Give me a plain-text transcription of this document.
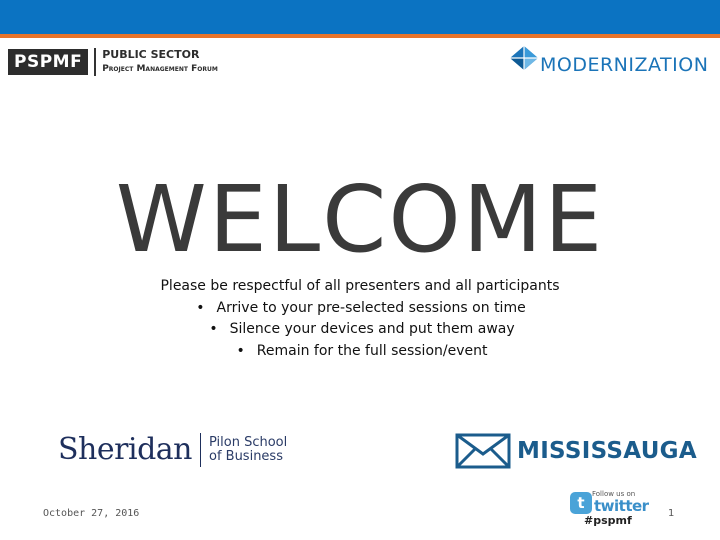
PSPMF	PUBLIC SECTOR
Project Management Forum	MODERNIZATION
WELCOME
Please be respectful of all presenters and all participants
• Arrive to your pre-selected sessions on time
• Silence your devices and put them away
• Remain for the full session/event
Sheridan Pilon School
of Business	MISSISSAUGA
October 27, 2016
t	Follow us on
twitter
#pspmf
1
